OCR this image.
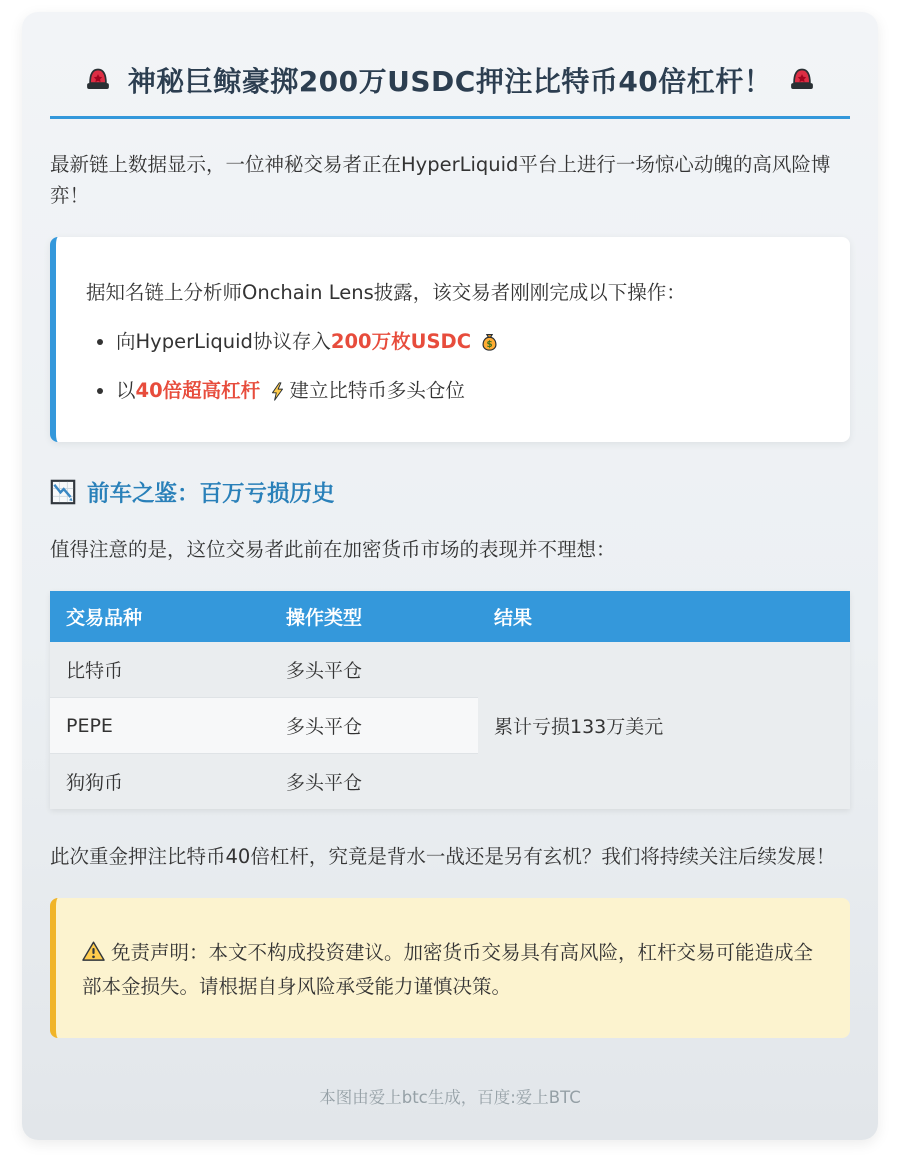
神秘巨鲸豪掷200万USDC押注比特币40倍杠杆！

最新链上数据显示，一位神秘交易者正在HyperLiquid平台上进行一场惊心动魄的高风险博弈！

据知名链上分析师Onchain Lens披露，该交易者刚刚完成以下操作：

• 向HyperLiquid协议存入200万枚USDC $
• 以40倍超高杠杆 建立比特币多头仓位
前车之鉴：百万亏损历史

值得注意的是，这位交易者此前在加密货币市场的表现并不理想：

交易品种	操作类型	结果
比特币	多头平仓	累计亏损133万美元
PEPE	多头平仓	
狗狗币	多头平仓	

此次重金押注比特币40倍杠杆，究竟是背水一战还是另有玄机？我们将持续关注后续发展！

免责声明：本文不构成投资建议。加密货币交易具有高风险，杠杆交易可能造成全部本金损失。请根据自身风险承受能力谨慎决策。

本图由爱上btc生成，百度:爱上BTC
